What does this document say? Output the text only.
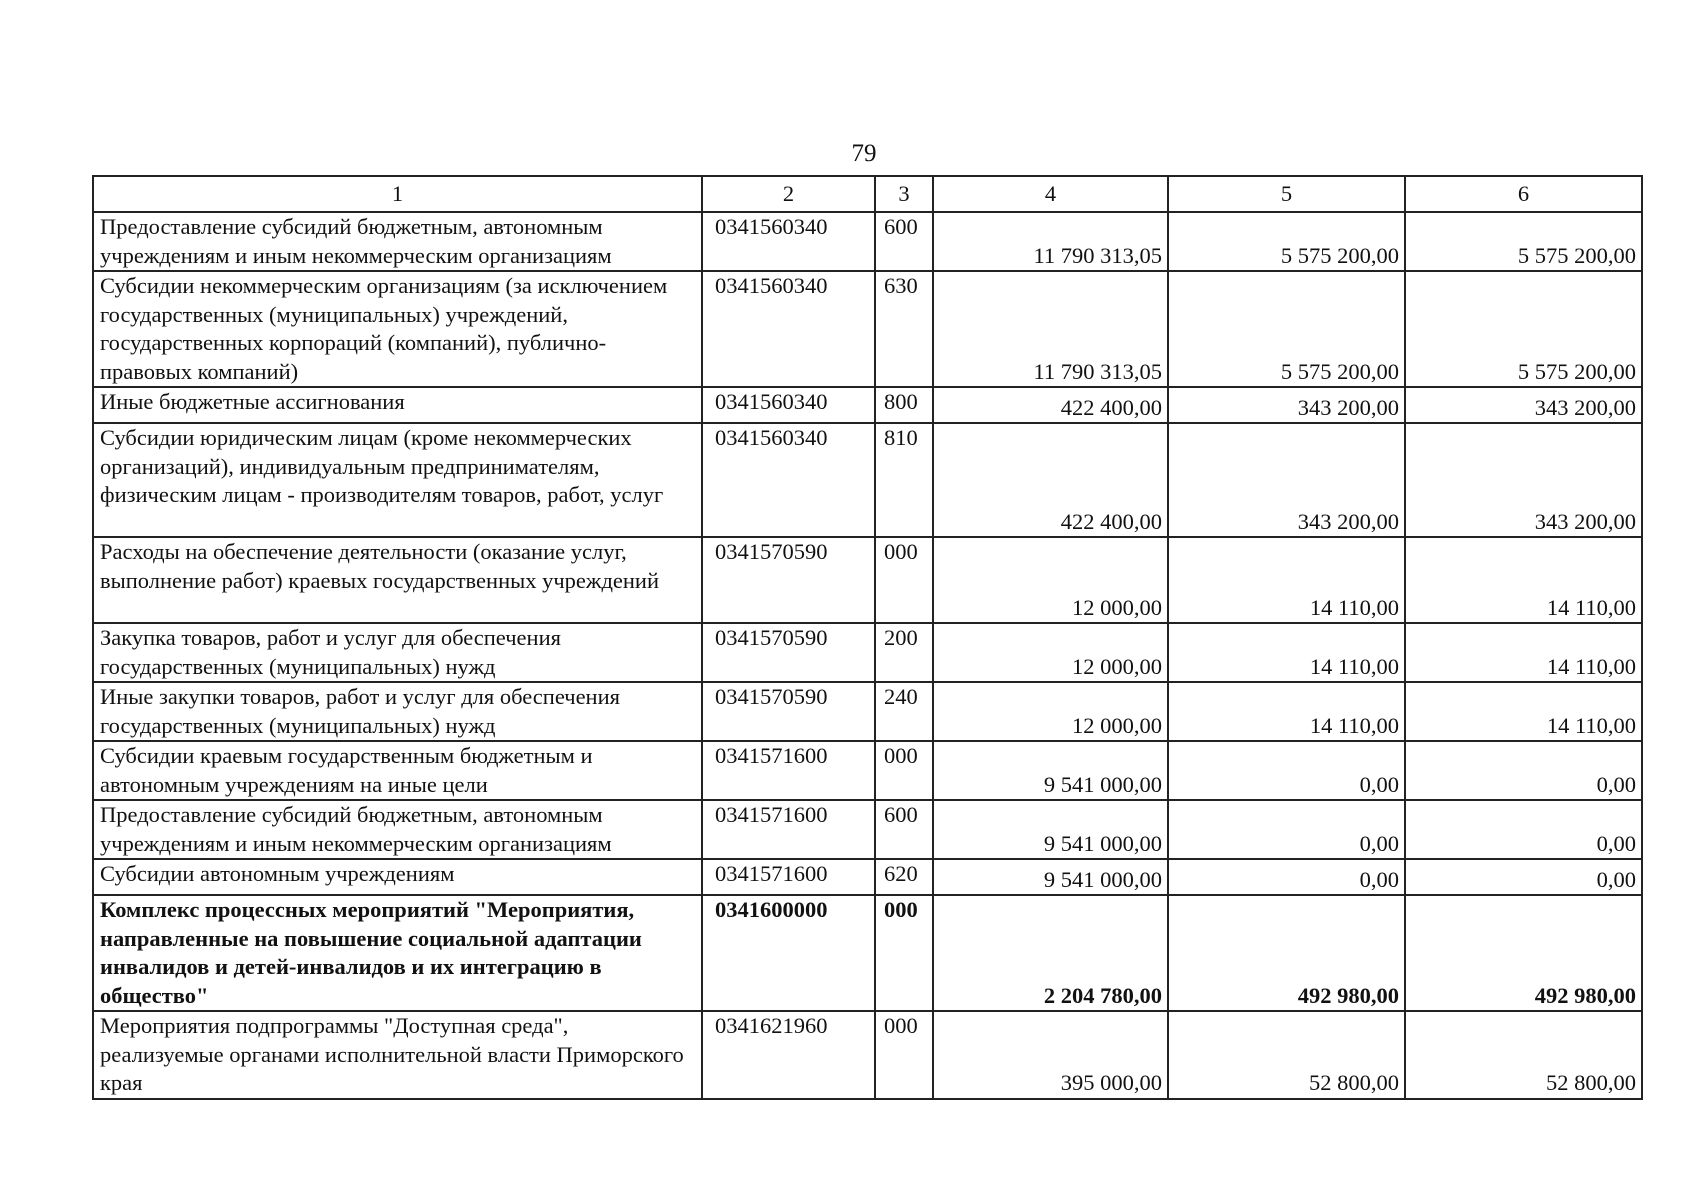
79
1	2	3	4	5	6
Предоставление субсидий бюджетным, автономным учреждениям и иным некоммерческим организациям	0341560340	600	11 790 313,05	5 575 200,00	5 575 200,00
Субсидии некоммерческим организациям (за исключением государственных (муниципальных) учреждений, государственных корпораций (компаний), публично-правовых компаний)	0341560340	630	11 790 313,05	5 575 200,00	5 575 200,00
Иные бюджетные ассигнования	0341560340	800	422 400,00	343 200,00	343 200,00
Субсидии юридическим лицам (кроме некоммерческих организаций), индивидуальным предпринимателям, физическим лицам - производителям товаров, работ, услуг	0341560340	810	422 400,00	343 200,00	343 200,00
Расходы на обеспечение деятельности (оказание услуг, выполнение работ) краевых государственных учреждений	0341570590	000	12 000,00	14 110,00	14 110,00
Закупка товаров, работ и услуг для обеспечения государственных (муниципальных) нужд	0341570590	200	12 000,00	14 110,00	14 110,00
Иные закупки товаров, работ и услуг для обеспечения государственных (муниципальных) нужд	0341570590	240	12 000,00	14 110,00	14 110,00
Субсидии краевым государственным бюджетным и автономным учреждениям на иные цели	0341571600	000	9 541 000,00	0,00	0,00
Предоставление субсидий бюджетным, автономным учреждениям и иным некоммерческим организациям	0341571600	600	9 541 000,00	0,00	0,00
Субсидии автономным учреждениям	0341571600	620	9 541 000,00	0,00	0,00
Комплекс процессных мероприятий "Мероприятия, направленные на повышение социальной адаптации инвалидов и детей-инвалидов и их интеграцию в общество"	0341600000	000	2 204 780,00	492 980,00	492 980,00
Мероприятия подпрограммы "Доступная среда", реализуемые органами исполнительной власти Приморского края	0341621960	000	395 000,00	52 800,00	52 800,00
